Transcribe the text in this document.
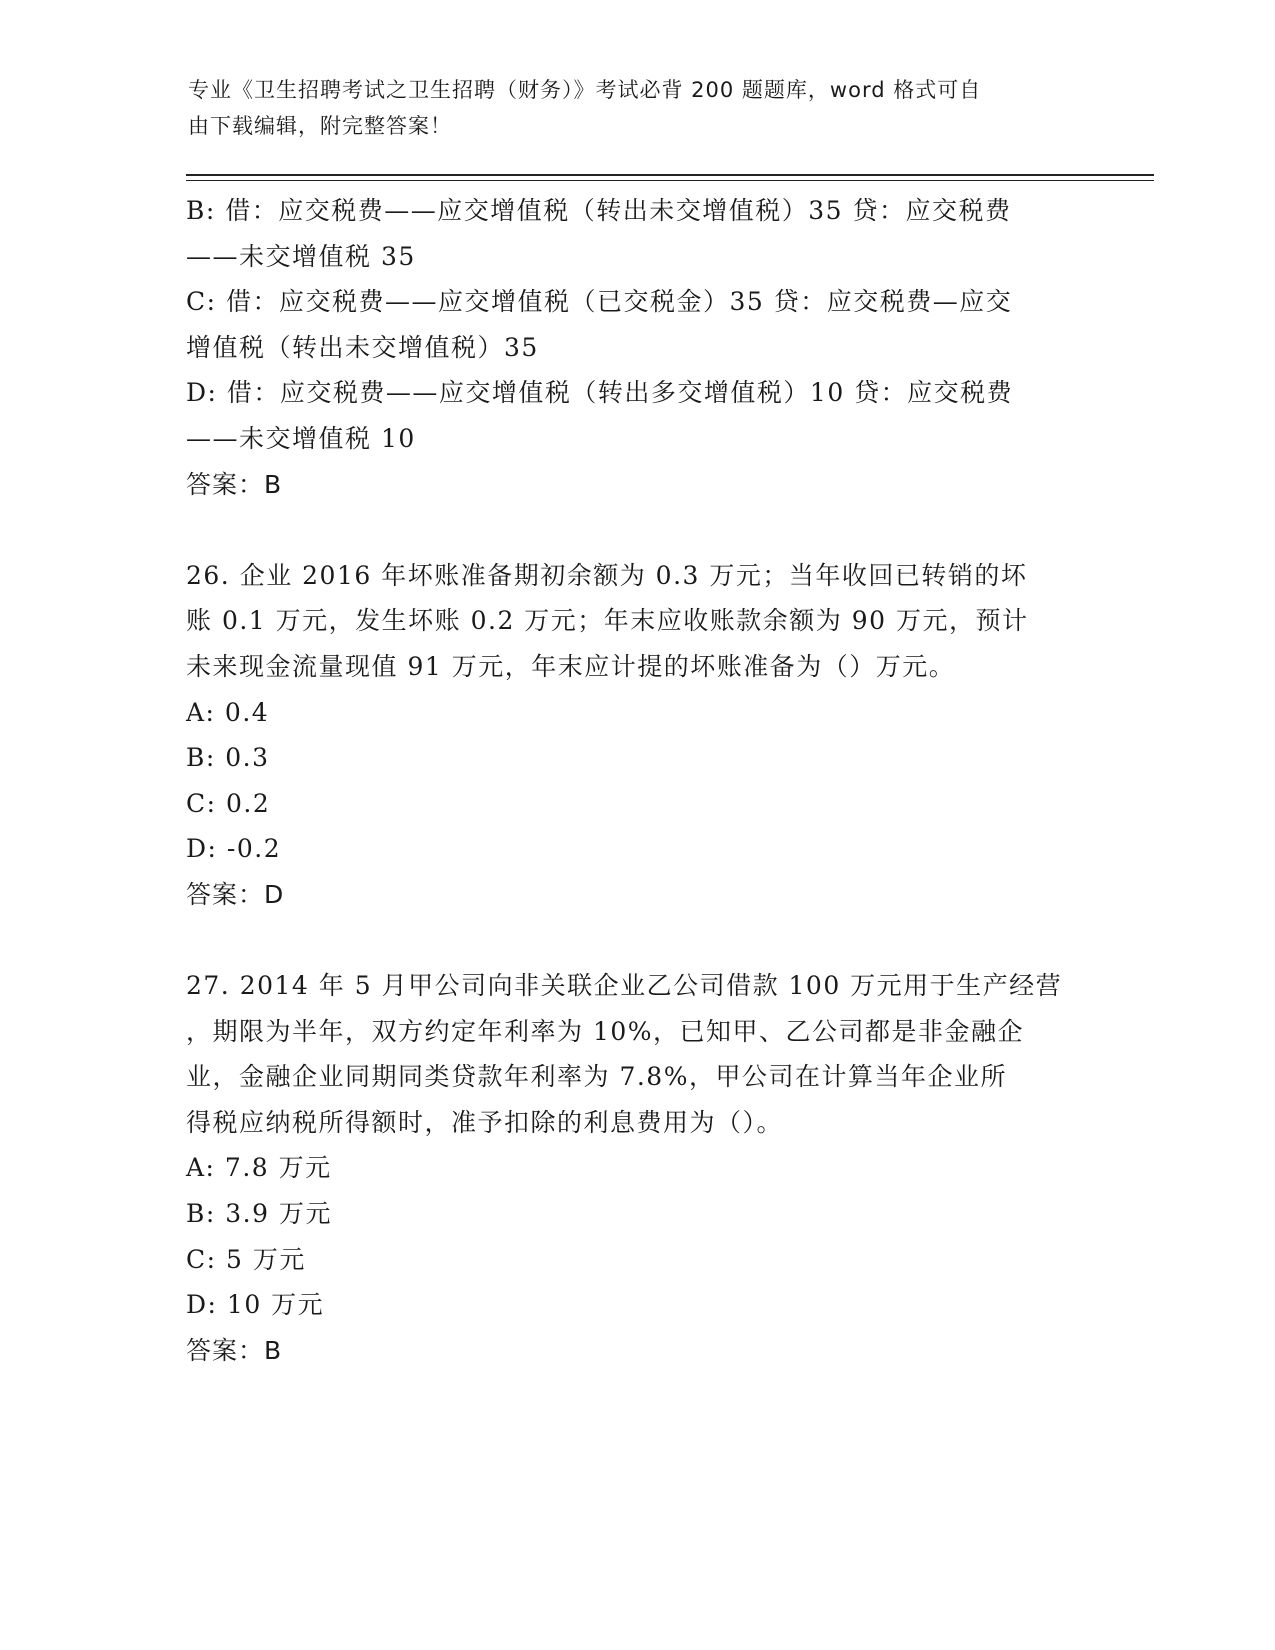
专业《卫生招聘考试之卫生招聘（财务）》考试必背 200 题题库，word 格式可自
由下载编辑，附完整答案！
B: 借：应交税费——应交增值税（转出未交增值税）35 贷：应交税费
——未交增值税 35
C: 借：应交税费——应交增值税（已交税金）35 贷：应交税费—应交
增值税（转出未交增值税）35
D: 借：应交税费——应交增值税（转出多交增值税）10 贷：应交税费
——未交增值税 10
答案：B
26. 企业 2016 年坏账准备期初余额为 0.3 万元；当年收回已转销的坏
账 0.1 万元，发生坏账 0.2 万元；年末应收账款余额为 90 万元，预计
未来现金流量现值 91 万元，年末应计提的坏账准备为（）万元。
A: 0.4
B: 0.3
C: 0.2
D: -0.2
答案：D
27. 2014 年 5 月甲公司向非关联企业乙公司借款 100 万元用于生产经营
，期限为半年，双方约定年利率为 10%，已知甲、乙公司都是非金融企
业，金融企业同期同类贷款年利率为 7.8%，甲公司在计算当年企业所
得税应纳税所得额时，准予扣除的利息费用为（）。
A: 7.8 万元
B: 3.9 万元
C: 5 万元
D: 10 万元
答案：B
